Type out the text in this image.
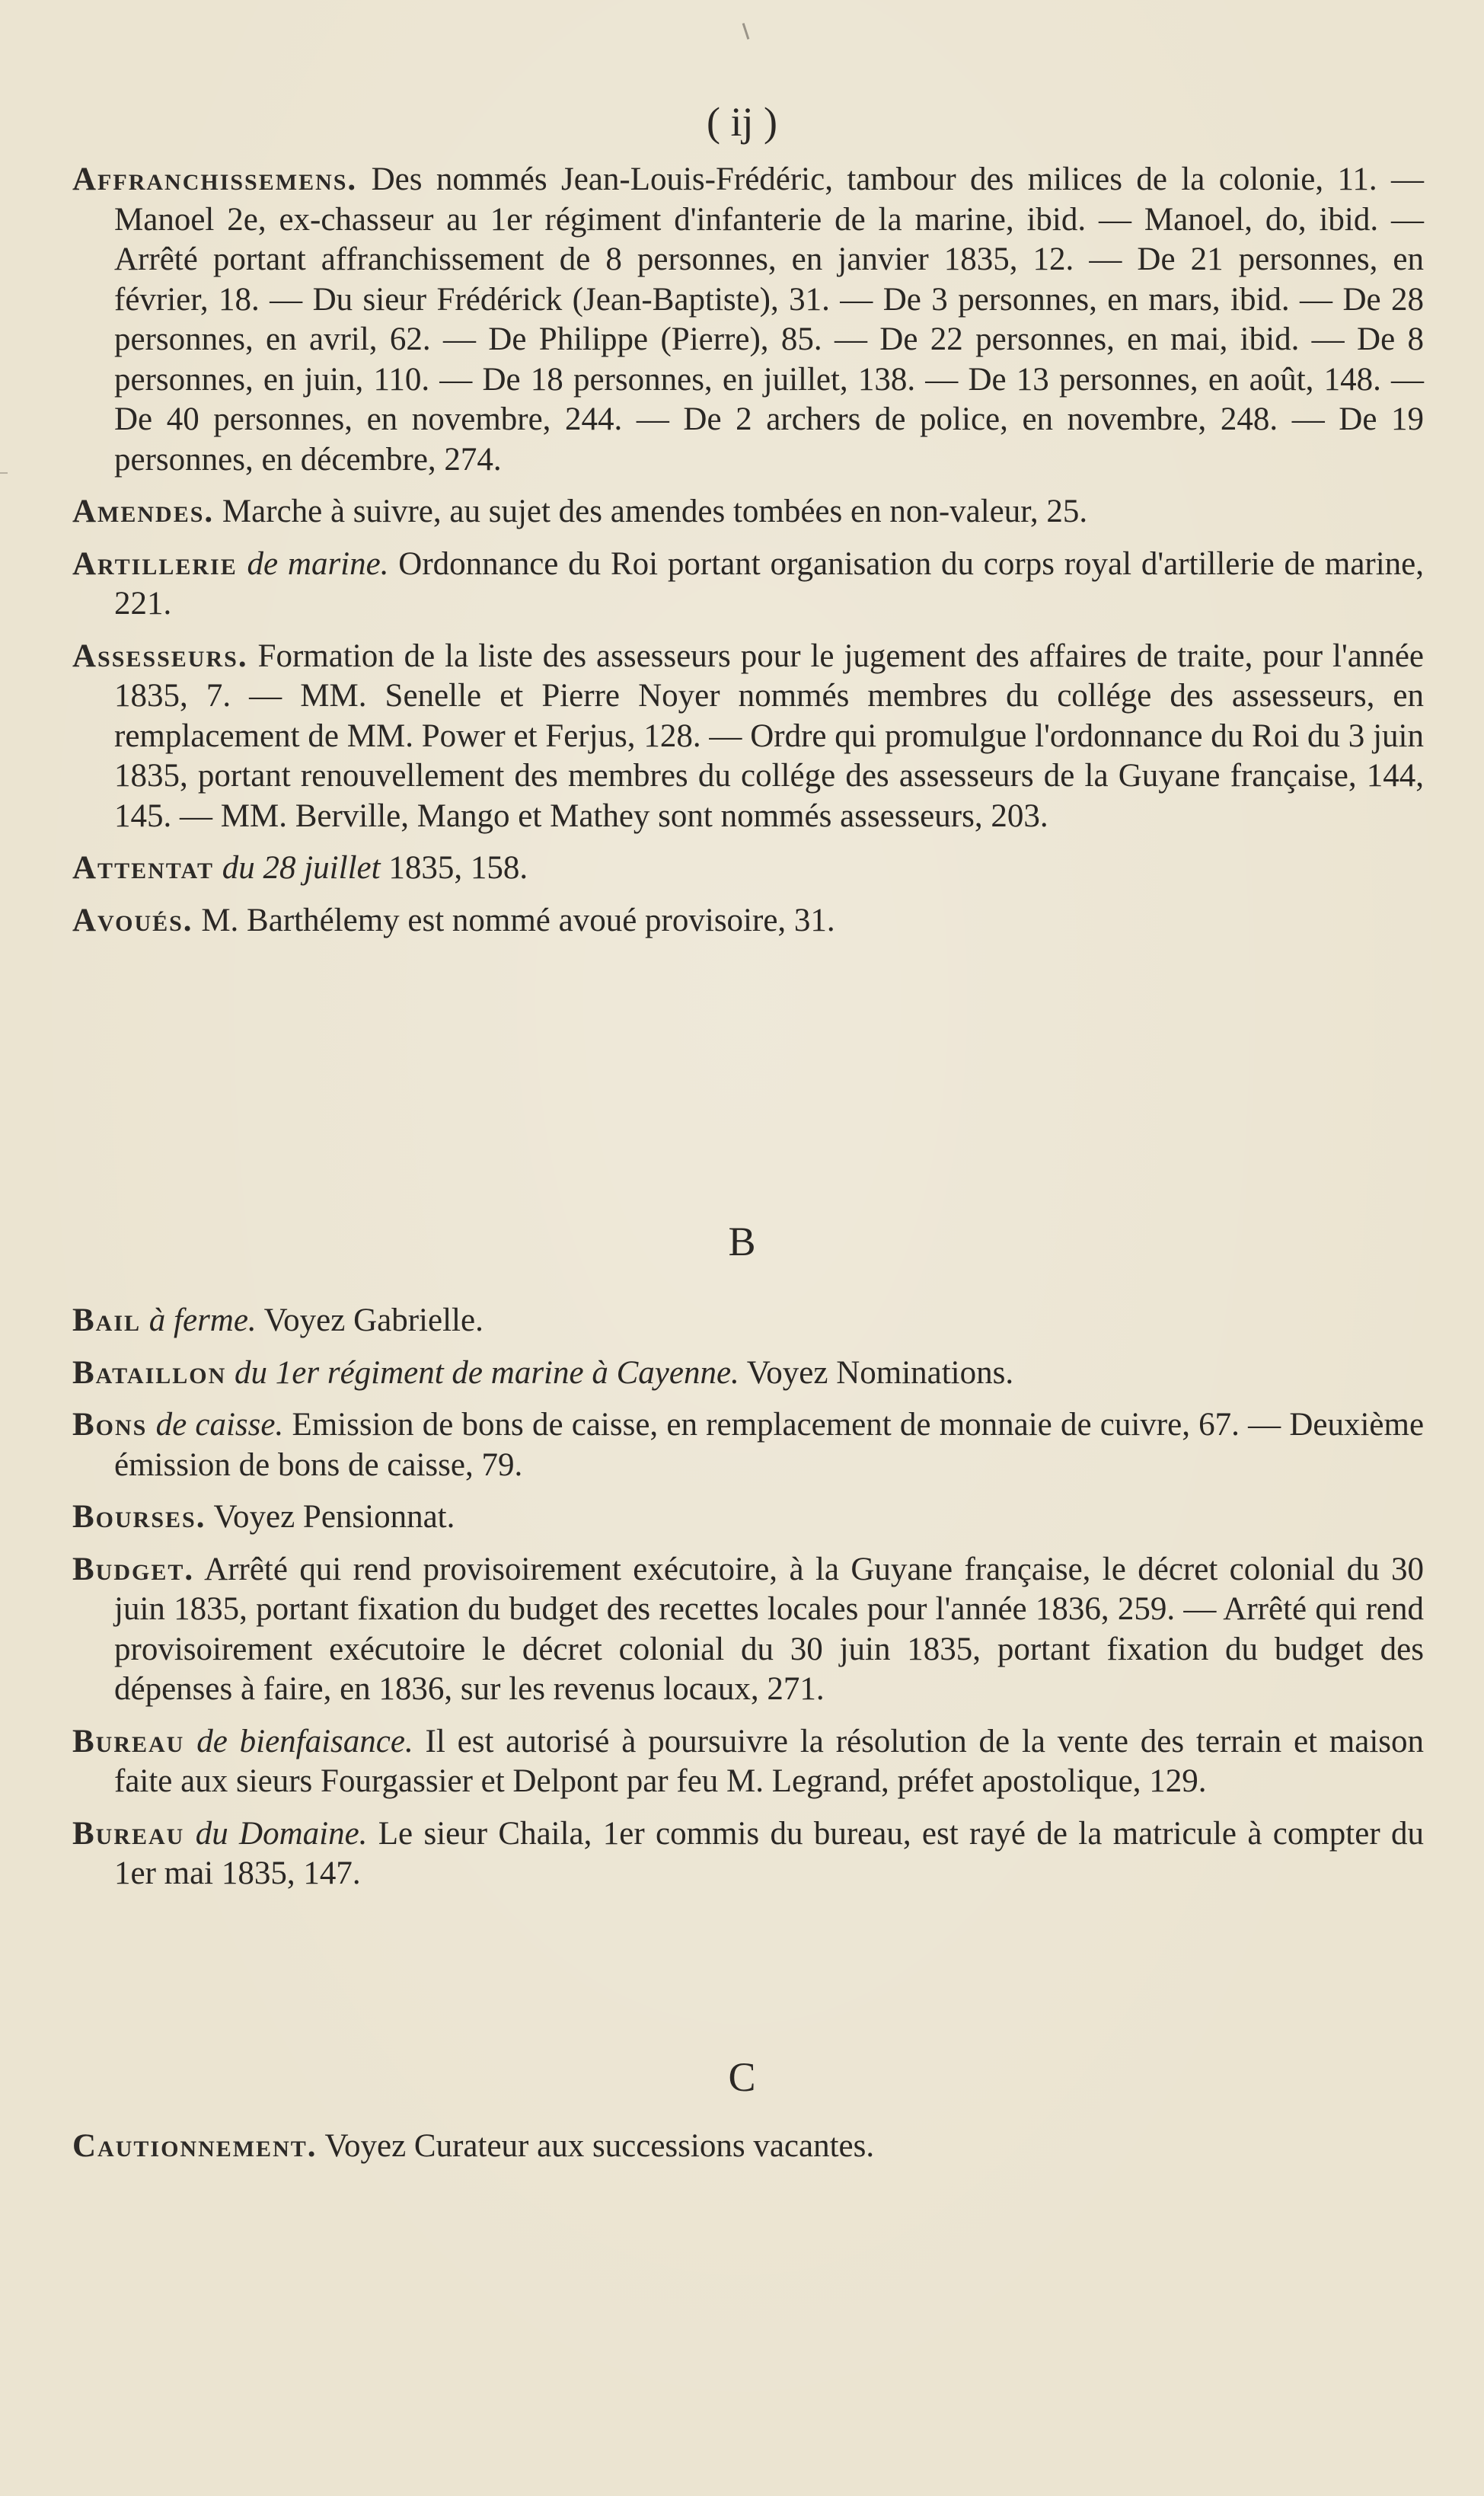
( ij )

Affranchissemens. Des nommés Jean-Louis-Frédéric, tambour des milices de la colonie, 11. — Manoel 2e, ex-chasseur au 1er régiment d'infanterie de la marine, ibid. — Manoel, do, ibid. — Arrêté portant affranchissement de 8 personnes, en janvier 1835, 12. — De 21 personnes, en février, 18. — Du sieur Frédérick (Jean-Baptiste), 31. — De 3 personnes, en mars, ibid. — De 28 personnes, en avril, 62. — De Philippe (Pierre), 85. — De 22 personnes, en mai, ibid. — De 8 personnes, en juin, 110. — De 18 personnes, en juillet, 138. — De 13 personnes, en août, 148. — De 40 personnes, en novembre, 244. — De 2 archers de police, en novembre, 248. — De 19 personnes, en décembre, 274.

Amendes. Marche à suivre, au sujet des amendes tombées en non-valeur, 25.

Artillerie de marine. Ordonnance du Roi portant organisation du corps royal d'artillerie de marine, 221.

Assesseurs. Formation de la liste des assesseurs pour le jugement des affaires de traite, pour l'année 1835, 7. — MM. Senelle et Pierre Noyer nommés membres du collége des assesseurs, en remplacement de MM. Power et Ferjus, 128. — Ordre qui promulgue l'ordonnance du Roi du 3 juin 1835, portant renouvellement des membres du collége des assesseurs de la Guyane française, 144, 145. — MM. Berville, Mango et Mathey sont nommés assesseurs, 203.

Attentat du 28 juillet 1835, 158.

Avoués. M. Barthélemy est nommé avoué provisoire, 31.

B

Bail à ferme. Voyez Gabrielle.

Bataillon du 1er régiment de marine à Cayenne. Voyez Nominations.

Bons de caisse. Emission de bons de caisse, en remplacement de monnaie de cuivre, 67. — Deuxième émission de bons de caisse, 79.

Bourses. Voyez Pensionnat.

Budget. Arrêté qui rend provisoirement exécutoire, à la Guyane française, le décret colonial du 30 juin 1835, portant fixation du budget des recettes locales pour l'année 1836, 259. — Arrêté qui rend provisoirement exécutoire le décret colonial du 30 juin 1835, portant fixation du budget des dépenses à faire, en 1836, sur les revenus locaux, 271.

Bureau de bienfaisance. Il est autorisé à poursuivre la résolution de la vente des terrain et maison faite aux sieurs Fourgassier et Delpont par feu M. Legrand, préfet apostolique, 129.

Bureau du Domaine. Le sieur Chaila, 1er commis du bureau, est rayé de la matricule à compter du 1er mai 1835, 147.

C

Cautionnement. Voyez Curateur aux successions vacantes.
